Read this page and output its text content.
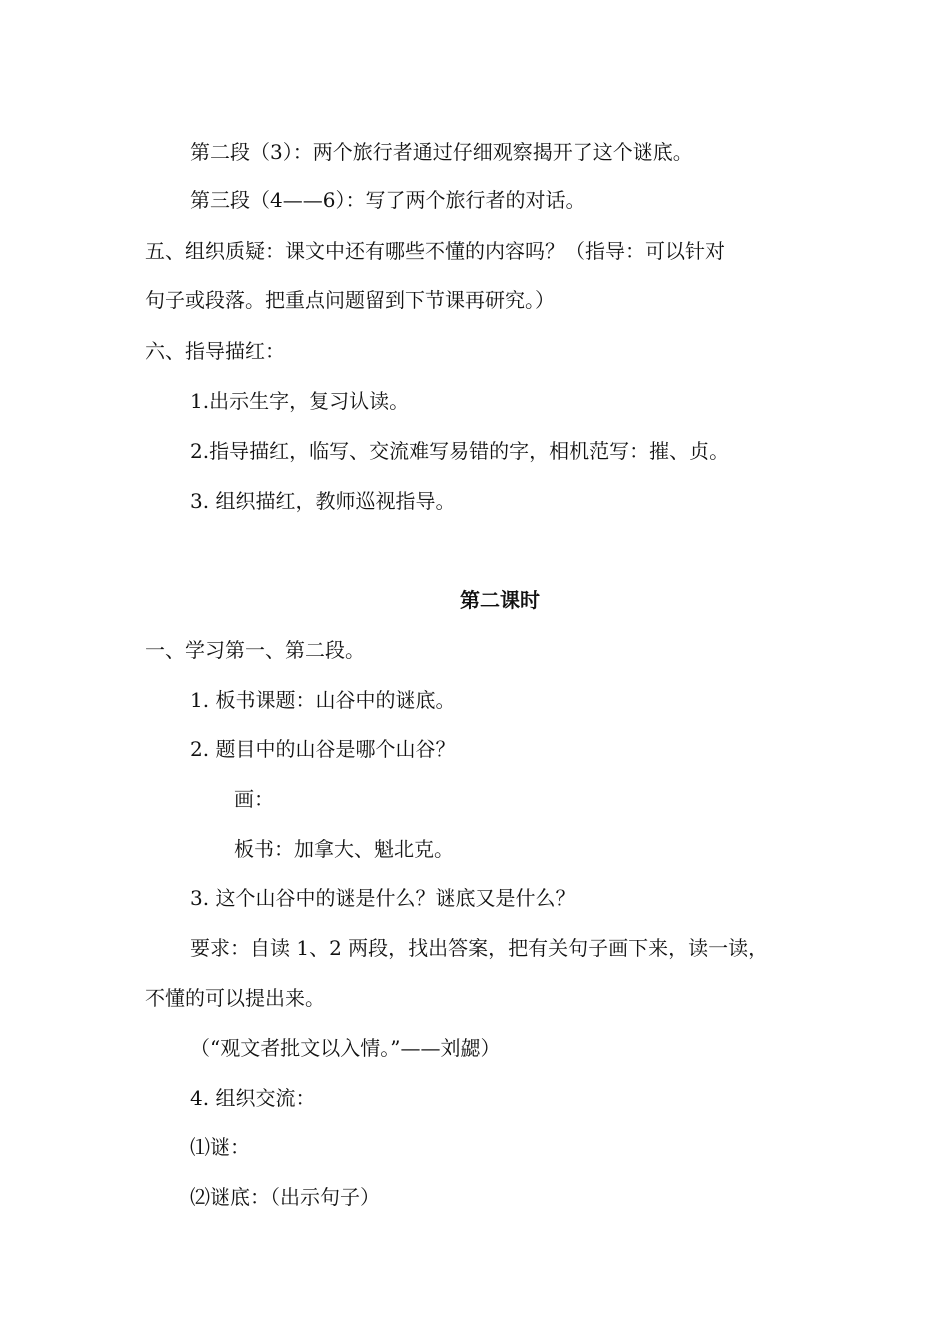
第二段（3）：两个旅行者通过仔细观察揭开了这个谜底。
第三段（4——6）：写了两个旅行者的对话。
五、组织质疑：课文中还有哪些不懂的内容吗？（指导：可以针对
句子或段落。把重点问题留到下节课再研究。）
六、指导描红：
1.出示生字，复习认读。
2.指导描红，临写、交流难写易错的字，相机范写：摧、贞。
3. 组织描红，教师巡视指导。
第二课时
一、学习第一、第二段。
1. 板书课题：山谷中的谜底。
2. 题目中的山谷是哪个山谷？
画：
板书：加拿大、魁北克。
3. 这个山谷中的谜是什么？谜底又是什么？
要求：自读 1、2 两段，找出答案，把有关句子画下来，读一读，
不懂的可以提出来。
（“观文者批文以入情。”——刘勰）
4. 组织交流：
⑴谜：
⑵谜底：（出示句子）
